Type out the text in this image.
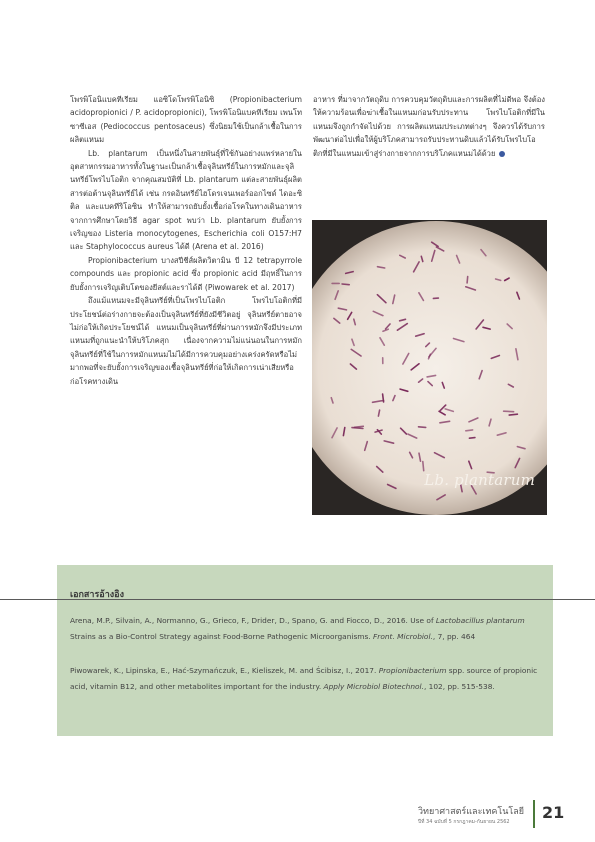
โพรพิโอนิแบคทีเรียม แอซิโดโพรพิโอนิซิ (Propionibacterium acidopropionici / P. acidopropionici), โพรพิโอนิแบคทีเรียม เพนโทซาซีเอส (Pediococcus pentosaceus) ซึ่งนิยมใช้เป็นกล้าเชื้อในการผลิตแหนม

Lb. plantarum เป็นหนึ่งในสายพันธุ์ที่ใช้กันอย่างแพร่หลายในอุตสาหกรรมอาหารทั้งในฐานะเป็นกล้าเชื้อจุลินทรีย์ในการหมักและจุลินทรีย์โพรไบโอติก จากคุณสมบัติที่ Lb. plantarum แต่ละสายพันธุ์ผลิตสารต่อต้านจุลินทรีย์ได้ เช่น กรดอินทรีย์ไฮโดรเจนเพอร์ออกไซด์ ไดอะซิติล และแบคทีริโอซิน ทำให้สามารถยับยั้งเชื้อก่อโรคในทางเดินอาหารจากการศึกษาโดยวิธี agar spot พบว่า Lb. plantarum ยับยั้งการเจริญของ Listeria monocytogenes, Escherichia coli O157:H7 และ Staphylococcus aureus ได้ดี (Arena et al. 2016)

Propionibacterium บางสปีชีส์ผลิตวิตามิน บี 12 tetrapyrrole compounds และ propionic acid ซึ่ง propionic acid มีฤทธิ์ในการยับยั้งการเจริญเติบโตของยีสต์และราได้ดี (Piwowarek et al. 2017)

ถึงแม้แหนมจะมีจุลินทรีย์ที่เป็นโพรไบโอติก โพรไบโอติกที่มีประโยชน์ต่อร่างกายจะต้องเป็นจุลินทรีย์ที่ยังมีชีวิตอยู่ จุลินทรีย์ตายอาจไม่ก่อให้เกิดประโยชน์ได้ แหนมเป็นจุลินทรีย์ที่ผ่านการหมักจึงมีประเภทแหนมที่ถูกแนะนำให้บริโภคสุก เนื่องจากความไม่แน่นอนในการหมัก จุลินทรีย์ที่ใช้ในการหมักแหนมไม่ได้มีการควบคุมอย่างเคร่งครัดหรือไม่มากพอที่จะยับยั้งการเจริญของเชื้อจุลินทรีย์ที่ก่อให้เกิดการเน่าเสียหรือก่อโรคทางเดิน

อาหาร ที่มาจากวัตถุดิบ การควบคุมวัตถุดิบและการผลิตที่ไม่ดีพอ จึงต้องให้ความร้อนเพื่อฆ่าเชื้อในแหนมก่อนรับประทาน โพรไบโอติกที่มีในแหนมจึงถูกกำจัดไปด้วย การผลิตแหนมประเภทต่างๆ จึงควรได้รับการพัฒนาต่อไปเพื่อให้ผู้บริโภคสามารถรับประทานดิบแล้วได้รับโพรไบโอติกที่มีในแหนมเข้าสู่ร่างกายจากการบริโภคแหนมได้ด้วย

Lb. plantarum
เอกสารอ้างอิง
Arena, M.P., Silvain, A., Normanno, G., Grieco, F., Drider, D., Spano, G. and Fiocco, D., 2016. Use of Lactobacillus plantarum Strains as a Bio-Control Strategy against Food-Borne Pathogenic Microorganisms. Front. Microbiol., 7, pp. 464
Piwowarek, K., Lipinska, E., Hać-Szymańczuk, E., Kieliszek, M. and Ścibisz, I., 2017. Propionibacterium spp. source of propionic acid, vitamin B12, and other metabolites important for the industry. Apply Microbiol Biotechnol., 102, pp. 515-538.
วิทยาศาสตร์และเทคโนโลยี
ปีที่ 34 ฉบับที่ 5 กรกฎาคม-กันยายน 2562 21
